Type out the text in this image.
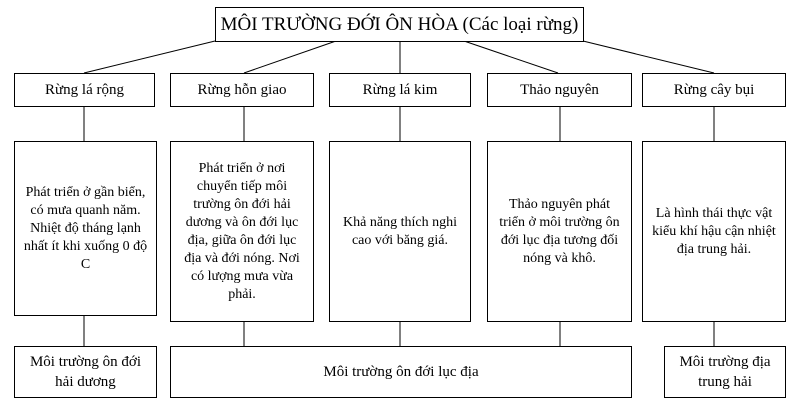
MÔI TRƯỜNG ĐỚI ÔN HÒA (Các loại rừng)
Rừng lá rộng	Rừng hỗn giao	Rừng lá kim	Thảo nguyên	Rừng cây bụi
Phát triển ở gần biển, có mưa quanh năm. Nhiệt độ tháng lạnh nhất ít khi xuống 0 độ C
Phát triển ở nơi chuyển tiếp môi trường ôn đới hải dương và ôn đới lục địa, giữa ôn đới lục địa và đới nóng. Nơi có lượng mưa vừa phải.
Khả năng thích nghi cao với băng giá.
Thảo nguyên phát triển ở môi trường ôn đới lục địa tương đối nóng và khô.
Là hình thái thực vật kiểu khí hậu cận nhiệt địa trung hải.
Môi trường ôn đới hải dương
Môi trường ôn đới lục địa
Môi trường địa trung hải
